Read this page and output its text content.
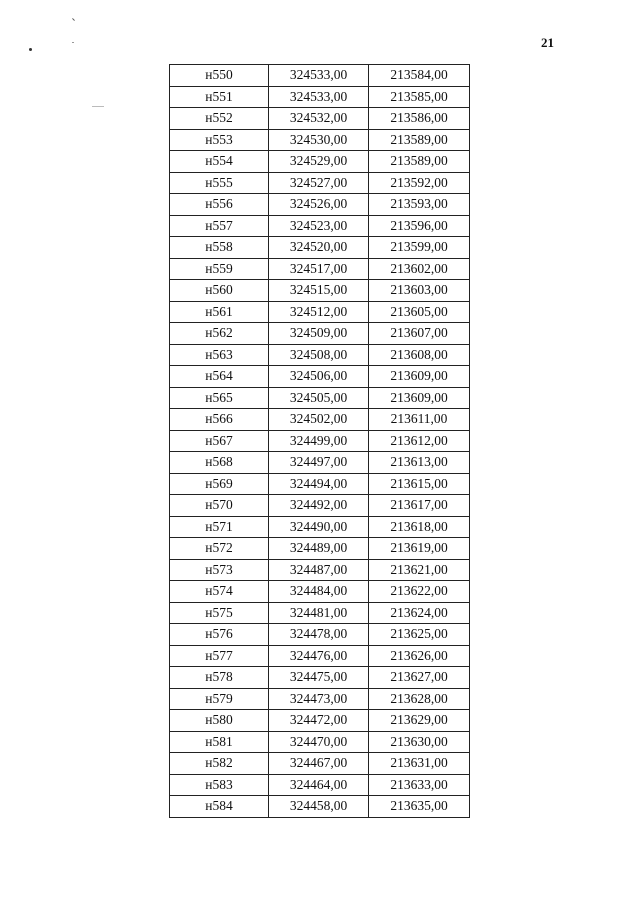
21
н550	324533,00	213584,00
н551	324533,00	213585,00
н552	324532,00	213586,00
н553	324530,00	213589,00
н554	324529,00	213589,00
н555	324527,00	213592,00
н556	324526,00	213593,00
н557	324523,00	213596,00
н558	324520,00	213599,00
н559	324517,00	213602,00
н560	324515,00	213603,00
н561	324512,00	213605,00
н562	324509,00	213607,00
н563	324508,00	213608,00
н564	324506,00	213609,00
н565	324505,00	213609,00
н566	324502,00	213611,00
н567	324499,00	213612,00
н568	324497,00	213613,00
н569	324494,00	213615,00
н570	324492,00	213617,00
н571	324490,00	213618,00
н572	324489,00	213619,00
н573	324487,00	213621,00
н574	324484,00	213622,00
н575	324481,00	213624,00
н576	324478,00	213625,00
н577	324476,00	213626,00
н578	324475,00	213627,00
н579	324473,00	213628,00
н580	324472,00	213629,00
н581	324470,00	213630,00
н582	324467,00	213631,00
н583	324464,00	213633,00
н584	324458,00	213635,00
